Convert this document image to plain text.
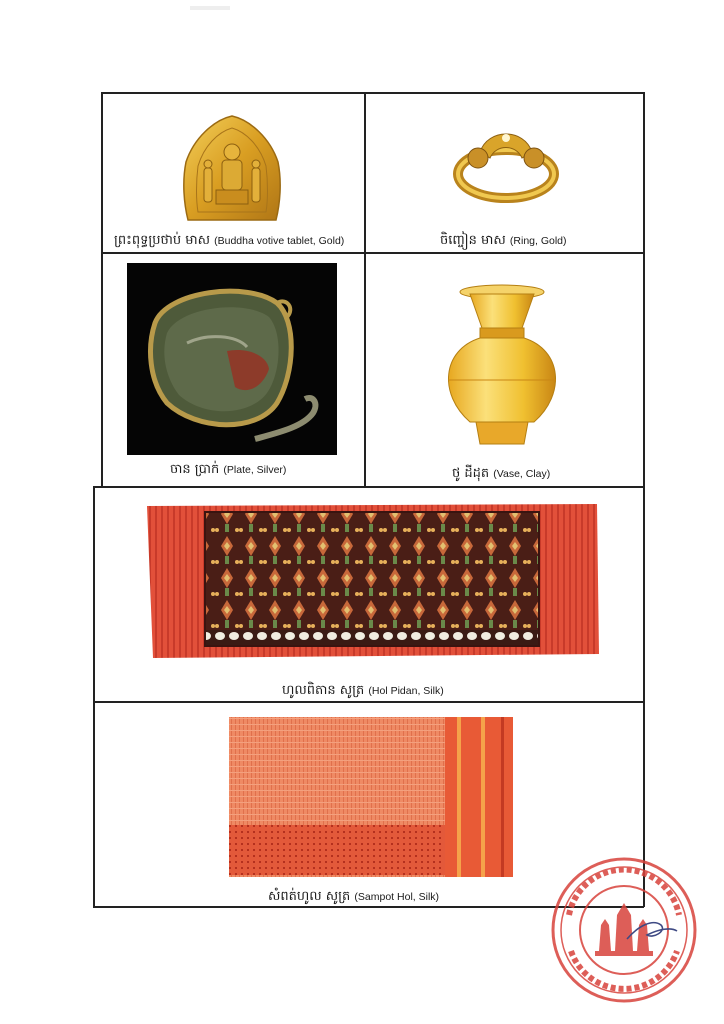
ព្រះពុទ្ធប្រថាប់ មាស (Buddha votive tablet, Gold)	ចិញ្ចៀន មាស (Ring, Gold)
ចាន ប្រាក់ (Plate, Silver)	ថូ ដីដុត (Vase, Clay)
ហូលពិតាន សូត្រ (Hol Pidan, Silk)
សំពត់ហូល សូត្រ (Sampot Hol, Silk)
